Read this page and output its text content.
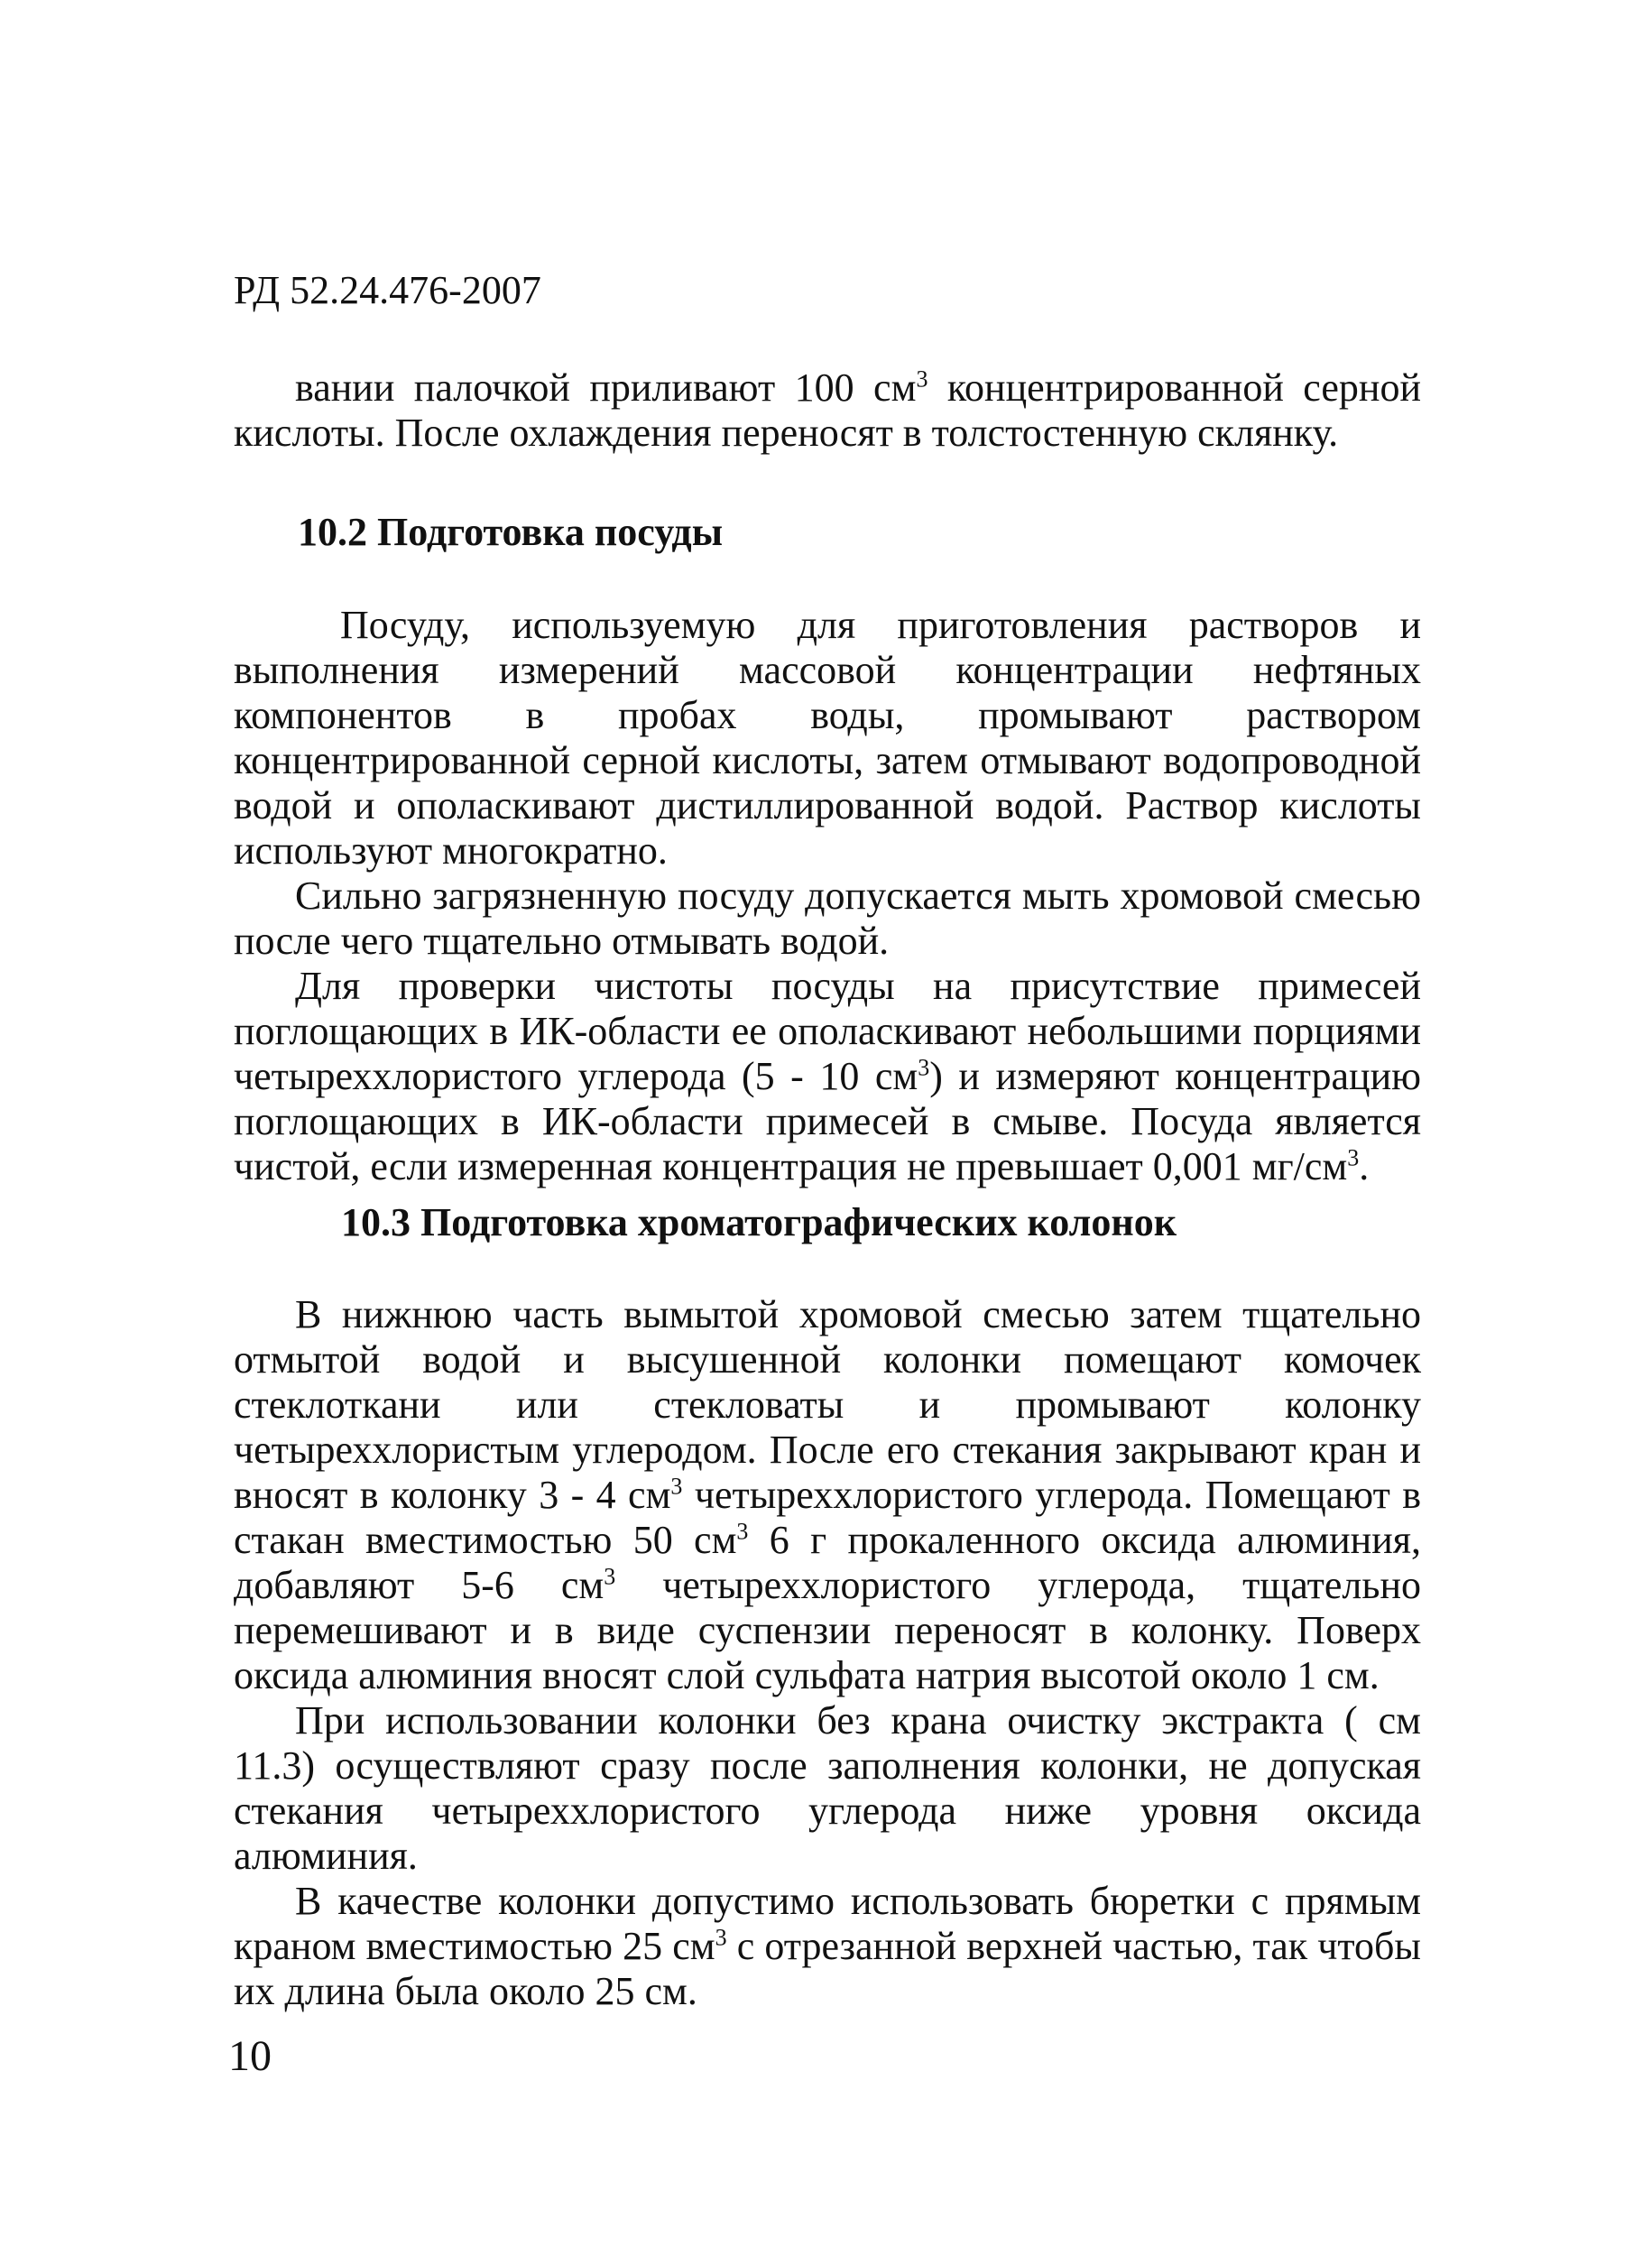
РД 52.24.476-2007

вании палочкой приливают 100 $см^3$ концентрированной серной кислоты. После охлаждения переносят в толстостенную склянку.

10.2 Подготовка посуды

Посуду, используемую для приготовления растворов и выполнения измерений массовой концентрации нефтяных компонентов в пробах воды, промывают раствором концентрированной серной кислоты, затем отмывают водопроводной водой и ополаскивают дистиллированной водой. Раствор кислоты используют многократно.

Сильно загрязненную посуду допускается мыть хромовой смесью после чего тщательно отмывать водой.

Для проверки чистоты посуды на присутствие примесей поглощающих в ИК-области ее ополаскивают небольшими порциями четыреххлористого углерода (5 - 10 $см^3$) и измеряют концентрацию поглощающих в ИК-области примесей в смыве. Посуда является чистой, если измеренная концентрация не превышает 0,001 $мг/см^3$.

10.3 Подготовка хроматографических колонок

В нижнюю часть вымытой хромовой смесью затем тщательно отмытой водой и высушенной колонки помещают комочек стеклоткани или стекловаты и промывают колонку четыреххлористым углеродом. После его стекания закрывают кран и вносят в колонку 3 - 4 $см^3$ четыреххлористого углерода. Помещают в стакан вместимостью 50 $см^3$ 6 г прокаленного оксида алюминия, добавляют 5-6 $см^3$ четыреххлористого углерода, тщательно перемешивают и в виде суспензии переносят в колонку. Поверх оксида алюминия вносят слой сульфата натрия высотой около 1 см.

При использовании колонки без крана очистку экстракта ( см 11.3) осуществляют сразу после заполнения колонки, не допуская стекания четыреххлористого углерода ниже уровня оксида алюминия.

В качестве колонки допустимо использовать бюретки с прямым краном вместимостью 25 $см^3$ с отрезанной верхней частью, так чтобы их длина была около 25 см.

10
